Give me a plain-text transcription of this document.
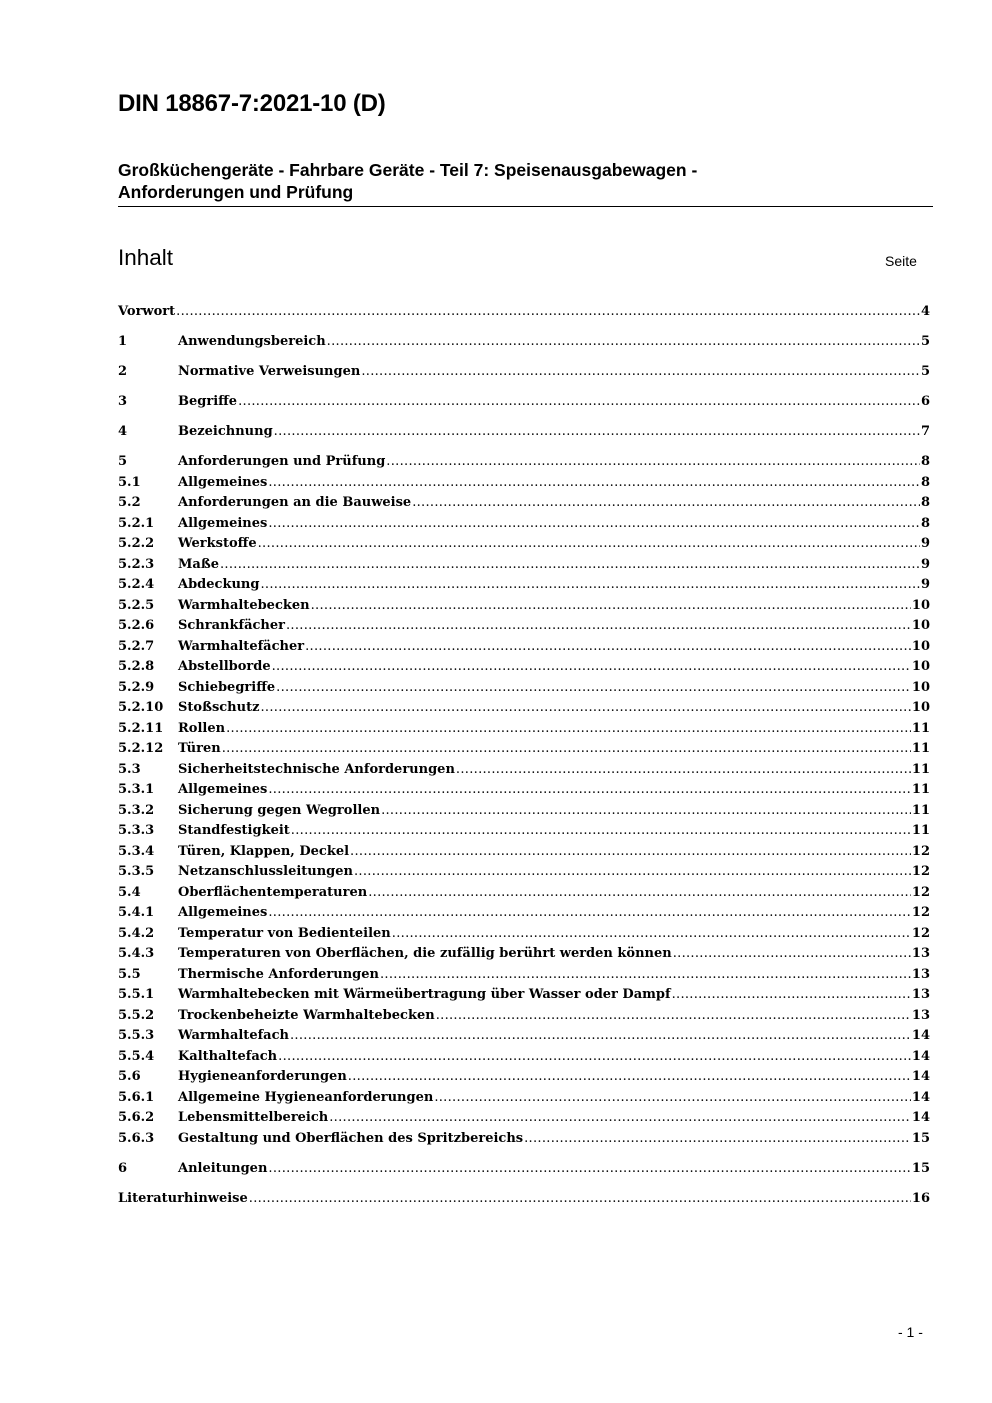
DIN 18867-7:2021-10 (D)
Großküchengeräte - Fahrbare Geräte - Teil 7: Speisenausgabewagen -
Anforderungen und Prüfung
Inhalt	Seite
Vorwort .....	4
1	Anwendungsbereich .....	5
2	Normative Verweisungen .....	5
3	Begriffe .....	6
4	Bezeichnung .....	7
5	Anforderungen und Prüfung .....	8
5.1	Allgemeines .....	8
5.2	Anforderungen an die Bauweise .....	8
5.2.1	Allgemeines .....	8
5.2.2	Werkstoffe .....	9
5.2.3	Maße .....	9
5.2.4	Abdeckung .....	9
5.2.5	Warmhaltebecken .....	10
5.2.6	Schrankfächer .....	10
5.2.7	Warmhaltefächer .....	10
5.2.8	Abstellborde .....	10
5.2.9	Schiebegriffe .....	10
5.2.10	Stoßschutz .....	10
5.2.11	Rollen .....	11
5.2.12	Türen .....	11
5.3	Sicherheitstechnische Anforderungen .....	11
5.3.1	Allgemeines .....	11
5.3.2	Sicherung gegen Wegrollen .....	11
5.3.3	Standfestigkeit .....	11
5.3.4	Türen, Klappen, Deckel .....	12
5.3.5	Netzanschlussleitungen .....	12
5.4	Oberflächentemperaturen .....	12
5.4.1	Allgemeines .....	12
5.4.2	Temperatur von Bedienteilen .....	12
5.4.3	Temperaturen von Oberflächen, die zufällig berührt werden können .....	13
5.5	Thermische Anforderungen .....	13
5.5.1	Warmhaltebecken mit Wärmeübertragung über Wasser oder Dampf .....	13
5.5.2	Trockenbeheizte Warmhaltebecken .....	13
5.5.3	Warmhaltefach .....	14
5.5.4	Kalthaltefach .....	14
5.6	Hygieneanforderungen .....	14
5.6.1	Allgemeine Hygieneanforderungen .....	14
5.6.2	Lebensmittelbereich .....	14
5.6.3	Gestaltung und Oberflächen des Spritzbereichs .....	15
6	Anleitungen .....	15
Literaturhinweise .....	16
- 1 -
